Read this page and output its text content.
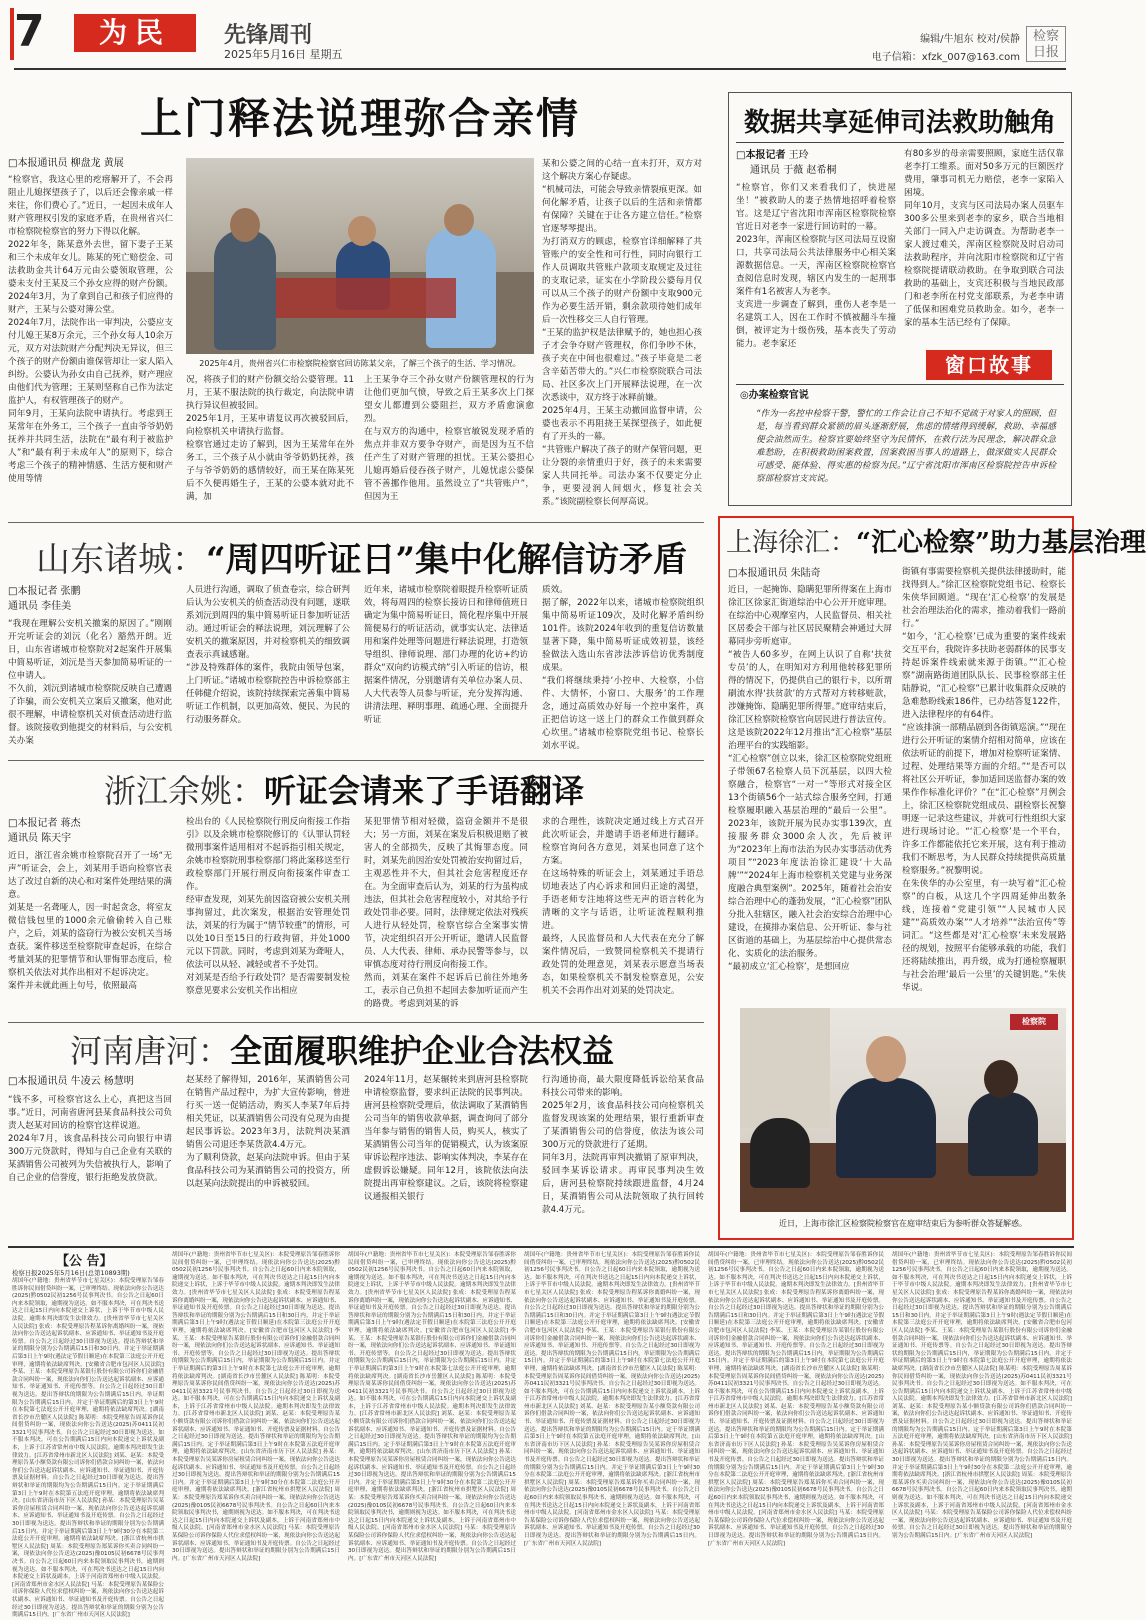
7	为民	先锋周刊
2025年5月16日 星期五
编辑/牛旭东 校对/侯静
电子信箱：xfzk_007@163.com
检察日报
上门释法说理弥合亲情
□本报通讯员 柳盘龙 黄展
“检察官，我这心里的疙瘩解开了，不会再阻止儿媳探望孩子了，以后还会像亲戚一样来往，你们费心了。”近日，一起因未成年人财产管理权引发的家庭矛盾，在贵州省兴仁市检察院检察官的努力下得以化解。
2022年冬，陈某意外去世，留下妻子王某和三个未成年女儿。陈某的死亡赔偿金、司法救助金共计64万元由公婆领取管理，公婆未支付王某及三个孙女应得的财产份额。2024年3月，为了拿到自己和孩子们应得的财产，王某与公婆对簿公堂。
2024年7月，法院作出一审判决，公婆应支付儿媳王某8万余元，三个孙女每人10余万元，双方对法院财产分配判决无异议，但三个孩子的财产份额由谁保管却让一家人陷入纠纷。公婆认为孙女由自己抚养，财产理应由他们代为管理；王某则坚称自己作为法定监护人，有权管理孩子的财产。
同年9月，王某向法院申请执行。考虑到王某常年在外务工，三个孩子一直由爷爷奶奶抚养并共同生活，法院在“最有利于被监护人”和“最有利于未成年人”的原则下，综合考虑三个孩子的精神情感、生活方便和财产使用等情
2025年4月，贵州省兴仁市检察院检察官回访陈某父亲，了解三个孩子的生活、学习情况。
况，将孩子们的财产份额交给公婆管理。11月，王某不服法院的执行裁定，向法院申请执行异议但被驳回。
2025年1月，王某申请复议再次被驳回后，向检察机关申请执行监督。
检察官通过走访了解到，因为王某常年在外务工，三个孩子从小就由爷爷奶奶抚养，孩子与爷爷奶奶的感情较好，而王某在陈某死后不久便再婚生子，王某的公婆本就对此不满，加
上王某争夺三个孙女财产份额管理权的行为让他们更加气愤，导致之后王某多次上门探望女儿都遭到公婆阻拦，双方矛盾愈演愈烈。
在与双方的沟通中，检察官敏锐发现矛盾的焦点并非双方要争夺财产，而是因为互不信任产生了对财产管理的担忧。王某公婆担心儿媳再婚后侵吞孩子财产，儿媳忧虑公婆保管不善挪作他用。虽然设立了“共管账户”，但因为王
某和公婆之间的心结一直未打开，双方对这个解决方案心存疑虑。
“机械司法，可能会导致亲情裂痕更深。如何化解矛盾，让孩子以后的生活和亲情都有保障？关键在于让各方建立信任。”检察官逐琴琴提出。
为打消双方的顾虑，检察官详细解释了共管账户的安全性和可行性，同时向银行工作人员调取共管账户款项支取规定及过往的支取记录，证实在小学阶段公婆每月仅可以从三个孩子的财产份额中支取900元作为必要生活开销，剩余款项待她们成年后一次性移交三人自行管理。
“王某的监护权是法律赋予的，她也担心孩子才会争夺财产管理权，你们争吵不休，孩子夹在中间也很难过。”孩子毕竟是二老含辛茹苦带大的。”兴仁市检察院联合司法局、社区多次上门开展释法说理，在一次次悉谈中，双方终于冰释前嫌。
2025年4月，王某主动撤回监督申请，公婆也表示不再阻挠王某探望孩子，如此便有了开头的一幕。
“共管账户解决了孩子的财产保管问题，更让分裂的亲情重归于好，孩子的未来需要家人共同托举。司法办案不仅要定分止争，更要浸润人间烟火，修复社会关系。”该院副检察长何厚高说。
数据共享延伸司法救助触角
□本报记者 王玲
通讯员 于薇 赵希桐
“检察官，你们又来看我们了，快进屋坐！”被救助人的妻子热情地招呼着检察官。这是辽宁省沈阳市浑南区检察院检察官近日对老李一家进行回访时的一幕。
2023年，浑南区检察院与区司法局互设窗口，共享司法局公共法律服务中心相关案源数据信息。一天，浑南区检察院检察官查阅信息时发现，辖区内发生的一起刑事案件有1名被害人为老李。
支宾进一步调查了解到，重伤人老李是一名建筑工人，因在工作时不慎被翻斗车撞倒，被评定为十级伤残，基本丧失了劳动能力。老李家还
有80多岁的母亲需要照顾，家庭生活仅靠老李打工维系。面对50多万元的巨额医疗费用，肇事司机无力赔偿，老李一家陷入困境。
同年10月，支宾与区司法局办案人员驱车300多公里来到老李的家乡，联合当地相关部门一同入户走访调查。为帮助老李一家人渡过难关，浑南区检察院及时启动司法救助程序，并向沈阳市检察院和辽宁省检察院提请联动救助。在争取到联合司法救助的基础上，支宾还积极与当地民政部门和老李所在村党支部联系，为老李申请了低保和困难党员救助金。如今，老李一家的基本生活已经有了保障。
窗口故事
◎办案检察官说
“作为一名控申检察干警，警忙的工作会让自己不知不觉疏于对家人的照顾，但是，每当看到群众紧锁的眉头逐渐舒展，焦虑的情绪得到缓解，救助、幸福感便会油然而生。检察官要始终坚守为民情怀，在救行法为民理念，解决群众急难愁盼，在积极救助困案救置，因案救困当事人的道路上，做深做实人民群众可感受、能体验、得实惠的检察为民。”辽宁省沈阳市浑南区检察院控告申诉检察部检察官支宾说。
山东诸城：“周四听证日”集中化解信访矛盾
□本报记者 张鹏
通讯员 李佳美
“我现在理解公安机关撤案的原因了。”刚刚开完听证会的刘沅（化名）豁然开朗。近日，山东省诸城市检察院对2起案件开展集中简易听证，刘沅是当天参加简易听证的一位申请人。
不久前，刘沅到诸城市检察院反映自己遭遇了诈骗，而公安机关立案后又撤案，他对此很不理解，申请检察机关对侦查活动进行监督。该院接收到他提交的材料后，与公安机关办案
人员进行沟通，调取了侦查卷宗，综合研判后认为公安机关的侦查活动没有问题，遂联系刘沅到周四的集中简易听证日参加听证活动。通过听证会的释法说理，刘沅理解了公安机关的撤案原因，并对检察机关的细致调查表示真诚感谢。
“涉及特殊群体的案件，我院由领导包案，上门听证。”诸城市检察院控告申诉检察部主任韩健介绍说，该院持续探索完善集中简易听证工作机制，以更加高效、便民、为民的行动服务群众。
近年来，诸城市检察院着眼提升检察听证质效，将每周四的检察长接访日和律师值班日确定为集中简易听证日，简化程序集中开展简便易行的听证活动，就事实认定、法律适用和案件处理等问题进行释法说理，打造领导组织、律师说理、部门办理的化访+约访群众“双向约访模式纳”引入听证的信访，根据案件情况，分别邀请有关单位办案人员、人大代表等人员参与听证，充分发挥沟通、讲清法理、释明事理、疏通心理、全面提升听证
质效。
据了解，2022年以来，诸城市检察院组织集中简易听证109次，及时化解矛盾纠纷101件。该院2024年收到的重复信访数量显著下降，集中简易听证成效初显，该经验做法入选山东省涉法涉诉信访优秀制度成果。
“我们将继续秉持‘小控申、大检察，小信件、大情怀，小窗口、大服务’的工作理念，通过高质效办好每一个控申案件，真正把信访这一送上门的群众工作做到群众心坎里。”诸城市检察院党组书记、检察长刘水平说。
浙江余姚：听证会请来了手语翻译
□本报记者 蒋杰
通讯员 陈天宇
近日，浙江省余姚市检察院召开了一场“无声”听证会，会上，刘某用手语向检察官表达了改过自新的决心和对案件处理结果的满意。
刘某是一名聋哑人，因一时起贪念，将室友微信钱包里的1000余元偷偷转入自己账户，之后，刘某的盗窃行为被公安机关当场查获。案件移送至检察院审查起诉，在综合考量刘某的犯罪情节和认罪悔罪态度后，检察机关依法对其作出相对不起诉决定。
案件并未就此画上句号，依照最高
检出台的《人民检察院行刑反向衔接工作指引》以及余姚市检察院修订的《认罪认罚轻微刑事案件适用相对不起诉指引相关规定，余姚市检察院刑事检察部门将此案移送至行政检察部门开展行刑反向衔接案件审查工作。
经审查发现，刘某先前因盗窃被公安机关刑事拘留过，此次案发，根据治安管理处罚法，刘某的行为属于“情节较重”的情形，可以处10日至15日的行政拘留，并处1000元以下罚款。同时，考虑到刘某为聋哑人，依法可以从轻、减轻或者不予处罚。
对刘某是否给予行政处罚？是否需要制发检察意见要求公安机关作出相应
某犯罪情节相对轻微，盗窃金额并不是很大；另一方面，刘某在案发后积极退赔了被害人的全部损失，反映了其悔罪态度。同时，刘某先前因治安处罚被治安拘留过后，主观恶性并不大，但其社会危害程度还存在。为全面审查后认为，刘某的行为虽构成违法，但其社会危害程度较小，对其给予行政处罚非必要。同时，法律规定依法对残疾人进行从轻处罚，检察官综合全案事实情节，决定组织召开公开听证，邀请人民监督员、人大代表、律师、承办民警等参与，以审慎态度对待行刑反向衔接工作。
然而，刘某在案件不起诉后已前往外地务工，表示自己负担不起回去参加听证而产生的路费。考虑到刘某的诉
求的合理性，该院决定通过线上方式召开此次听证会，并邀请手语老师进行翻译。检察官询问各方意见，刘某也同意了这个方案。
在这场特殊的听证会上，刘某通过手语总切地表达了内心诉求和回归正途的渴望，手语老师专注地将这些无声的语言转化为清晰的文字与话语，让听证流程顺利推进。
最终，人民监督员和人大代表在充分了解案件情况后，一致赞同检察机关不提请行政处罚的处理意见，刘某表示愿意当场表态，如果检察机关不制发检察意见，公安机关不会再作出对刘某的处罚决定。
河南唐河：全面履职维护企业合法权益
□本报通讯员 牛凌云 杨慧明
“钱不多，可检察官这么上心，真把这当回事。”近日，河南省唐河县某食品科技公司负责人赵某对回访的检察官这样说道。
2024年7月，该食品科技公司向银行申请300万元贷款时，得知与自己企业有关联的某酒销售公司被列为失信被执行人，影响了自己企业的信誉度，银行拒绝发放贷款。
赵某经了解得知，2016年，某酒销售公司在销售产品过程中，为扩大宣传影响，曾进行买一送一促销活动，购买人李某7年后持相关凭证，以某酒销售公司没有兑现为由提起民事诉讼。2023年3月，法院判决某酒销售公司退还李某货款4.4万元。
为了顺利贷款，赵某向法院申诉。但由于某食品科技公司为某酒销售公司的投资方，所以赵某向法院提出的申诉被驳回。
2024年11月，赵某辗转来到唐河县检察院申请检察监督，要求纠正法院的民事判决。唐河县检察院受理后，依法调取了某酒销售公司当年的销售收款单据，调查询问了部分当年参与销售的销售人员，购买人，核实了某酒销售公司当年的促销模式，认为该案原审诉讼程序违法、影响实体判决，李某存在虚假诉讼嫌疑。同年12月，该院依法向法院提出再审检察建议。之后，该院将检察建议通报相关银行
行沟通协商，最大限度降低诉讼给某食品科技公司带来的影响。
2025年2月，该食品科技公司向检察机关监督发现该案的处理结果，银行重新审查了某酒销售公司的信誉度，依法为该公司300万元的贷款进行了延期。
同年3月，法院再审判决撤销了原审判决，驳回李某诉讼请求。再审民事判决生效后，唐河县检察院持续跟进监督，4月24日，某酒销售公司从法院领取了执行回转款4.4万元。
上海徐汇：“汇心检察”助力基层治理
□本报通讯员 朱陆奇
近日，一起掩饰、隐瞒犯罪所得案在上海市徐汇区徐家汇街道综治中心公开开庭审理。在综治中心观摩室内，人民监督员、相关社区居委会干部与社区居民聚精会神通过大屏幕同步旁听庭审。
“被告人60多岁，在网上认识了自称‘扶贫专员’的人，在明知对方利用他转移犯罪所得的情况下，仍提供自己的银行卡，以所谓刷流水得‘扶贫款’的方式帮对方转移赃款，涉嫌掩饰、隐瞒犯罪所得罪。”庭审结束后，徐汇区检察院检察官向居民进行普法宣传。
这是该院2022年12月推出“汇心检察”基层治理平台的实践缩影。
“汇心检察”创立以来，徐汇区检察院党组班子带领67名检察人员下沉基层，以四大检察融合，检察官“一对一”等形式对接全区13个街镇56个一站式综合服务空间，打通检察履职融入基层治理的“最后一公里”。2023年，该院开展为民办实事139次，直接服务群众3000余人次，先后被评为“2023年上海市法治为民办实事活动优秀项目”“2023年度法治徐汇建设‘十大品牌’”“2024年上海市检察机关党建与业务深度融合典型案例”。2025年，随着社会治安综合治理中心的蓬勃发展，“汇心检察”团队分批入驻辖区，融入社会治安综合治理中心建设，在摸排办案信息、公开听证、参与社区街道的基础上，为基层综治中心提供常态化、实质化的法治服务。
“最初成立‘汇心检察’，是想回应
街镇有事需要检察机关提供法律援助时，能找得到人。”徐汇区检察院党组书记、检察长朱侠华回顾道。“现在‘汇心检察’的发展是社会治理法治化的需求，推动着我们一路前行。”
“如今，‘汇心检察’已成为重要的案件线索交互平台，我院许多扶助老弱群体的民事支持起诉案件线索就来源于街镇。”“汇心检察”湖南路街道团队队长、民事检察部主任陆静说，“汇心检察”已累计收集群众反映的急难愁盼线索186件，已办结答复122件，进入法律程序的有64件。
“应该排演一部精品剧到各街镇巡演。”“现在进行公开听证的案情介绍相对简单，应该在依法听证的前提下，增加对检察听证案情、过程、处理结果等方面的介绍。”“是否可以将社区公开听证，参加适回送监督办案的效果作作标准化评价？”在“汇心检察”月例会上，徐汇区检察院党组成员、副检察长祝黎明逐一记录这些建议，并就可行性组织大家进行现场讨论。“‘汇心检察’是一个平台，许多工作都能依托它来开展，这有利于推动我们不断思考，为人民群众持续提供高质量检察服务。”祝黎明说。
在朱侠华的办公室里，有一块写着“汇心检察”的白板，从这几个字四周延伸出数条线，连接着“党建引领”“人民城市人民建”“高质效办案”“人才培养”“法治宣传”等词汇。“这些都是对‘汇心检察’未来发展路径的规划，按照平台能够承载的功能，我们还将陆续推出，再升级，成为打通检察履职与社会治理‘最后一公里’的关键钥匙。”朱侠华说。
检察院
近日，上海市徐汇区检察院检察官在庭审结束后为参听群众答疑解惑。
【公 告】
检察日报2025年5月16日(总第10893期)
胡国年(户籍地：贵州省毕节市七星关区)：本院受理原告邹春胜诉你民间借贷纠纷一案，已审理终结。现依法向你公告送达(2025)黔0502民初1256号民事判决书。自公告之日起60日内来本院领取，逾期视为送达。如不服本判决，可在判决书送达之日起15日内向本院递交上诉状，上诉于毕节市中级人民法院。逾期本判决即发生法律效力。[贵州省毕节市七星关区人民法院] 张成：本院受理原告程某诉你离婚纠纷一案，现依法向你公告送达起诉状副本、应诉通知书、举证通知书及开庭传票。自公告之日起经过30日即视为送达。提出答辩状和举证的期限分别为公告期满后15日和30日内。并定于举证期满后第3日上午9时(遇法定节假日顺延)在本院第三法庭公开开庭审理，逾期将依法缺席判决。[安徽省合肥市包河区人民法院] 李某、王某：本院受理原告某银行股份有限公司诉你们金融借款合同纠纷一案，现依法向你们公告送达起诉状副本、应诉通知书、举证通知书、开庭传票等。自公告之日起经过30日即视为送达。提出答辩状的期限为公告期满后15日内，举证期限为公告期满后15日内。并定于举证期满后的第3日上午9时在本院第七法庭公开开庭审理，逾期将依法缺席判决。[湖南省长沙市岳麓区人民法院] 陈某明：本院受理原告周某诉你民间借贷纠纷一案，现依法向你公告送达(2025)苏0411民初3321号民事判决书。自公告之日起经过30日即视为送达。如不服本判决，可在公告期满后15日内向本院递交上诉状及副本，上诉于江苏省常州市中级人民法院。逾期本判决即发生法律效力。[江苏省常州市新北区人民法院] 刘某、赵某：本院受理原告某小额贷款有限公司诉你们借款合同纠纷一案，依法向你们公告送达起诉状副本、应诉通知书、举证通知书、开庭传票及证据材料。自公告之日起经过30日即视为送达。提出答辩状和举证的期限均为公告期满后15日内。定于举证期满后第3日上午9时在本院第五法庭开庭审理，逾期将依法缺席判决。[山东省济南市历下区人民法院] 孙某：本院受理原告吴某诉你房屋租赁合同纠纷一案，现依法向你公告送达起诉状副本、应诉通知书、举证通知书及开庭传票。自公告之日起经过30日即视为送达。提出答辩状和举证的期限分别为公告期满后15日内。并定于举证期满后第3日上午9时30分在本院第二法庭公开开庭审理，逾期将依法缺席判决。[浙江省杭州市拱墅区人民法院] 周某：本院受理原告郑某诉你买卖合同纠纷一案，现依法向你公告送达(2025)豫0105民初6678号民事判决书。自公告之日起60日内来本院领取民事判决书，逾期则视为送达。如不服本判决，可在判决书送达之日起15日内向本院递交上诉状及副本，上诉于河南省郑州市中级人民法院。[河南省郑州市金水区人民法院] 马某：本院受理原告某保险公司诉你保险人代位求偿权纠纷一案，现依法向你公告送达起诉状副本、应诉通知书、举证通知书及开庭传票。自公告之日起经过30日即视为送达。提出答辩状和举证的期限分别为公告期满后15日内。[广东省广州市天河区人民法院]
胡国年(户籍地：贵州省毕节市七星关区)：本院受理原告邹春胜诉你民间借贷纠纷一案，已审理终结。现依法向你公告送达(2025)黔0502民初1256号民事判决书。自公告之日起60日内来本院领取，逾期视为送达。如不服本判决，可在判决书送达之日起15日内向本院递交上诉状，上诉于毕节市中级人民法院。逾期本判决即发生法律效力。[贵州省毕节市七星关区人民法院] 张成：本院受理原告程某诉你离婚纠纷一案，现依法向你公告送达起诉状副本、应诉通知书、举证通知书及开庭传票。自公告之日起经过30日即视为送达。提出答辩状和举证的期限分别为公告期满后15日和30日内。并定于举证期满后第3日上午9时(遇法定节假日顺延)在本院第三法庭公开开庭审理，逾期将依法缺席判决。[安徽省合肥市包河区人民法院] 李某、王某：本院受理原告某银行股份有限公司诉你们金融借款合同纠纷一案，现依法向你们公告送达起诉状副本、应诉通知书、举证通知书、开庭传票等。自公告之日起经过30日即视为送达。提出答辩状的期限为公告期满后15日内，举证期限为公告期满后15日内。并定于举证期满后的第3日上午9时在本院第七法庭公开开庭审理，逾期将依法缺席判决。[湖南省长沙市岳麓区人民法院] 陈某明：本院受理原告周某诉你民间借贷纠纷一案，现依法向你公告送达(2025)苏0411民初3321号民事判决书。自公告之日起经过30日即视为送达。如不服本判决，可在公告期满后15日内向本院递交上诉状及副本，上诉于江苏省常州市中级人民法院。逾期本判决即发生法律效力。[江苏省常州市新北区人民法院] 刘某、赵某：本院受理原告某小额贷款有限公司诉你们借款合同纠纷一案，依法向你们公告送达起诉状副本、应诉通知书、举证通知书、开庭传票及证据材料。自公告之日起经过30日即视为送达。提出答辩状和举证的期限均为公告期满后15日内。定于举证期满后第3日上午9时在本院第五法庭开庭审理，逾期将依法缺席判决。[山东省济南市历下区人民法院] 孙某：本院受理原告吴某诉你房屋租赁合同纠纷一案，现依法向你公告送达起诉状副本、应诉通知书、举证通知书及开庭传票。自公告之日起经过30日即视为送达。提出答辩状和举证的期限分别为公告期满后15日内。并定于举证期满后第3日上午9时30分在本院第二法庭公开开庭审理，逾期将依法缺席判决。[浙江省杭州市拱墅区人民法院] 周某：本院受理原告郑某诉你买卖合同纠纷一案，现依法向你公告送达(2025)豫0105民初6678号民事判决书。自公告之日起60日内来本院领取民事判决书，逾期则视为送达。如不服本判决，可在判决书送达之日起15日内向本院递交上诉状及副本，上诉于河南省郑州市中级人民法院。[河南省郑州市金水区人民法院] 马某：本院受理原告某保险公司诉你保险人代位求偿权纠纷一案，现依法向你公告送达起诉状副本、应诉通知书、举证通知书及开庭传票。自公告之日起经过30日即视为送达。提出答辩状和举证的期限分别为公告期满后15日内。[广东省广州市天河区人民法院]
胡国年(户籍地：贵州省毕节市七星关区)：本院受理原告邹春胜诉你民间借贷纠纷一案，已审理终结。现依法向你公告送达(2025)黔0502民初1256号民事判决书。自公告之日起60日内来本院领取，逾期视为送达。如不服本判决，可在判决书送达之日起15日内向本院递交上诉状，上诉于毕节市中级人民法院。逾期本判决即发生法律效力。[贵州省毕节市七星关区人民法院] 张成：本院受理原告程某诉你离婚纠纷一案，现依法向你公告送达起诉状副本、应诉通知书、举证通知书及开庭传票。自公告之日起经过30日即视为送达。提出答辩状和举证的期限分别为公告期满后15日和30日内。并定于举证期满后第3日上午9时(遇法定节假日顺延)在本院第三法庭公开开庭审理，逾期将依法缺席判决。[安徽省合肥市包河区人民法院] 李某、王某：本院受理原告某银行股份有限公司诉你们金融借款合同纠纷一案，现依法向你们公告送达起诉状副本、应诉通知书、举证通知书、开庭传票等。自公告之日起经过30日即视为送达。提出答辩状的期限为公告期满后15日内，举证期限为公告期满后15日内。并定于举证期满后的第3日上午9时在本院第七法庭公开开庭审理，逾期将依法缺席判决。[湖南省长沙市岳麓区人民法院] 陈某明：本院受理原告周某诉你民间借贷纠纷一案，现依法向你公告送达(2025)苏0411民初3321号民事判决书。自公告之日起经过30日即视为送达。如不服本判决，可在公告期满后15日内向本院递交上诉状及副本，上诉于江苏省常州市中级人民法院。逾期本判决即发生法律效力。[江苏省常州市新北区人民法院] 刘某、赵某：本院受理原告某小额贷款有限公司诉你们借款合同纠纷一案，依法向你们公告送达起诉状副本、应诉通知书、举证通知书、开庭传票及证据材料。自公告之日起经过30日即视为送达。提出答辩状和举证的期限均为公告期满后15日内。定于举证期满后第3日上午9时在本院第五法庭开庭审理，逾期将依法缺席判决。[山东省济南市历下区人民法院] 孙某：本院受理原告吴某诉你房屋租赁合同纠纷一案，现依法向你公告送达起诉状副本、应诉通知书、举证通知书及开庭传票。自公告之日起经过30日即视为送达。提出答辩状和举证的期限分别为公告期满后15日内。并定于举证期满后第3日上午9时30分在本院第二法庭公开开庭审理，逾期将依法缺席判决。[浙江省杭州市拱墅区人民法院] 周某：本院受理原告郑某诉你买卖合同纠纷一案，现依法向你公告送达(2025)豫0105民初6678号民事判决书。自公告之日起60日内来本院领取民事判决书，逾期则视为送达。如不服本判决，可在判决书送达之日起15日内向本院递交上诉状及副本，上诉于河南省郑州市中级人民法院。[河南省郑州市金水区人民法院] 马某：本院受理原告某保险公司诉你保险人代位求偿权纠纷一案，现依法向你公告送达起诉状副本、应诉通知书、举证通知书及开庭传票。自公告之日起经过30日即视为送达。提出答辩状和举证的期限分别为公告期满后15日内。[广东省广州市天河区人民法院]
胡国年(户籍地：贵州省毕节市七星关区)：本院受理原告邹春胜诉你民间借贷纠纷一案，已审理终结。现依法向你公告送达(2025)黔0502民初1256号民事判决书。自公告之日起60日内来本院领取，逾期视为送达。如不服本判决，可在判决书送达之日起15日内向本院递交上诉状，上诉于毕节市中级人民法院。逾期本判决即发生法律效力。[贵州省毕节市七星关区人民法院] 张成：本院受理原告程某诉你离婚纠纷一案，现依法向你公告送达起诉状副本、应诉通知书、举证通知书及开庭传票。自公告之日起经过30日即视为送达。提出答辩状和举证的期限分别为公告期满后15日和30日内。并定于举证期满后第3日上午9时(遇法定节假日顺延)在本院第三法庭公开开庭审理，逾期将依法缺席判决。[安徽省合肥市包河区人民法院] 李某、王某：本院受理原告某银行股份有限公司诉你们金融借款合同纠纷一案，现依法向你们公告送达起诉状副本、应诉通知书、举证通知书、开庭传票等。自公告之日起经过30日即视为送达。提出答辩状的期限为公告期满后15日内，举证期限为公告期满后15日内。并定于举证期满后的第3日上午9时在本院第七法庭公开开庭审理，逾期将依法缺席判决。[湖南省长沙市岳麓区人民法院] 陈某明：本院受理原告周某诉你民间借贷纠纷一案，现依法向你公告送达(2025)苏0411民初3321号民事判决书。自公告之日起经过30日即视为送达。如不服本判决，可在公告期满后15日内向本院递交上诉状及副本，上诉于江苏省常州市中级人民法院。逾期本判决即发生法律效力。[江苏省常州市新北区人民法院] 刘某、赵某：本院受理原告某小额贷款有限公司诉你们借款合同纠纷一案，依法向你们公告送达起诉状副本、应诉通知书、举证通知书、开庭传票及证据材料。自公告之日起经过30日即视为送达。提出答辩状和举证的期限均为公告期满后15日内。定于举证期满后第3日上午9时在本院第五法庭开庭审理，逾期将依法缺席判决。[山东省济南市历下区人民法院] 孙某：本院受理原告吴某诉你房屋租赁合同纠纷一案，现依法向你公告送达起诉状副本、应诉通知书、举证通知书及开庭传票。自公告之日起经过30日即视为送达。提出答辩状和举证的期限分别为公告期满后15日内。并定于举证期满后第3日上午9时30分在本院第二法庭公开开庭审理，逾期将依法缺席判决。[浙江省杭州市拱墅区人民法院] 周某：本院受理原告郑某诉你买卖合同纠纷一案，现依法向你公告送达(2025)豫0105民初6678号民事判决书。自公告之日起60日内来本院领取民事判决书，逾期则视为送达。如不服本判决，可在判决书送达之日起15日内向本院递交上诉状及副本，上诉于河南省郑州市中级人民法院。[河南省郑州市金水区人民法院] 马某：本院受理原告某保险公司诉你保险人代位求偿权纠纷一案，现依法向你公告送达起诉状副本、应诉通知书、举证通知书及开庭传票。自公告之日起经过30日即视为送达。提出答辩状和举证的期限分别为公告期满后15日内。[广东省广州市天河区人民法院]
胡国年(户籍地：贵州省毕节市七星关区)：本院受理原告邹春胜诉你民间借贷纠纷一案，已审理终结。现依法向你公告送达(2025)黔0502民初1256号民事判决书。自公告之日起60日内来本院领取，逾期视为送达。如不服本判决，可在判决书送达之日起15日内向本院递交上诉状，上诉于毕节市中级人民法院。逾期本判决即发生法律效力。[贵州省毕节市七星关区人民法院] 张成：本院受理原告程某诉你离婚纠纷一案，现依法向你公告送达起诉状副本、应诉通知书、举证通知书及开庭传票。自公告之日起经过30日即视为送达。提出答辩状和举证的期限分别为公告期满后15日和30日内。并定于举证期满后第3日上午9时(遇法定节假日顺延)在本院第三法庭公开开庭审理，逾期将依法缺席判决。[安徽省合肥市包河区人民法院] 李某、王某：本院受理原告某银行股份有限公司诉你们金融借款合同纠纷一案，现依法向你们公告送达起诉状副本、应诉通知书、举证通知书、开庭传票等。自公告之日起经过30日即视为送达。提出答辩状的期限为公告期满后15日内，举证期限为公告期满后15日内。并定于举证期满后的第3日上午9时在本院第七法庭公开开庭审理，逾期将依法缺席判决。[湖南省长沙市岳麓区人民法院] 陈某明：本院受理原告周某诉你民间借贷纠纷一案，现依法向你公告送达(2025)苏0411民初3321号民事判决书。自公告之日起经过30日即视为送达。如不服本判决，可在公告期满后15日内向本院递交上诉状及副本，上诉于江苏省常州市中级人民法院。逾期本判决即发生法律效力。[江苏省常州市新北区人民法院] 刘某、赵某：本院受理原告某小额贷款有限公司诉你们借款合同纠纷一案，依法向你们公告送达起诉状副本、应诉通知书、举证通知书、开庭传票及证据材料。自公告之日起经过30日即视为送达。提出答辩状和举证的期限均为公告期满后15日内。定于举证期满后第3日上午9时在本院第五法庭开庭审理，逾期将依法缺席判决。[山东省济南市历下区人民法院] 孙某：本院受理原告吴某诉你房屋租赁合同纠纷一案，现依法向你公告送达起诉状副本、应诉通知书、举证通知书及开庭传票。自公告之日起经过30日即视为送达。提出答辩状和举证的期限分别为公告期满后15日内。并定于举证期满后第3日上午9时30分在本院第二法庭公开开庭审理，逾期将依法缺席判决。[浙江省杭州市拱墅区人民法院] 周某：本院受理原告郑某诉你买卖合同纠纷一案，现依法向你公告送达(2025)豫0105民初6678号民事判决书。自公告之日起60日内来本院领取民事判决书，逾期则视为送达。如不服本判决，可在判决书送达之日起15日内向本院递交上诉状及副本，上诉于河南省郑州市中级人民法院。[河南省郑州市金水区人民法院] 马某：本院受理原告某保险公司诉你保险人代位求偿权纠纷一案，现依法向你公告送达起诉状副本、应诉通知书、举证通知书及开庭传票。自公告之日起经过30日即视为送达。提出答辩状和举证的期限分别为公告期满后15日内。[广东省广州市天河区人民法院]
胡国年(户籍地：贵州省毕节市七星关区)：本院受理原告邹春胜诉你民间借贷纠纷一案，已审理终结。现依法向你公告送达(2025)黔0502民初1256号民事判决书。自公告之日起60日内来本院领取，逾期视为送达。如不服本判决，可在判决书送达之日起15日内向本院递交上诉状，上诉于毕节市中级人民法院。逾期本判决即发生法律效力。[贵州省毕节市七星关区人民法院] 张成：本院受理原告程某诉你离婚纠纷一案，现依法向你公告送达起诉状副本、应诉通知书、举证通知书及开庭传票。自公告之日起经过30日即视为送达。提出答辩状和举证的期限分别为公告期满后15日和30日内。并定于举证期满后第3日上午9时(遇法定节假日顺延)在本院第三法庭公开开庭审理，逾期将依法缺席判决。[安徽省合肥市包河区人民法院] 李某、王某：本院受理原告某银行股份有限公司诉你们金融借款合同纠纷一案，现依法向你们公告送达起诉状副本、应诉通知书、举证通知书、开庭传票等。自公告之日起经过30日即视为送达。提出答辩状的期限为公告期满后15日内，举证期限为公告期满后15日内。并定于举证期满后的第3日上午9时在本院第七法庭公开开庭审理，逾期将依法缺席判决。[湖南省长沙市岳麓区人民法院] 陈某明：本院受理原告周某诉你民间借贷纠纷一案，现依法向你公告送达(2025)苏0411民初3321号民事判决书。自公告之日起经过30日即视为送达。如不服本判决，可在公告期满后15日内向本院递交上诉状及副本，上诉于江苏省常州市中级人民法院。逾期本判决即发生法律效力。[江苏省常州市新北区人民法院] 刘某、赵某：本院受理原告某小额贷款有限公司诉你们借款合同纠纷一案，依法向你们公告送达起诉状副本、应诉通知书、举证通知书、开庭传票及证据材料。自公告之日起经过30日即视为送达。提出答辩状和举证的期限均为公告期满后15日内。定于举证期满后第3日上午9时在本院第五法庭开庭审理，逾期将依法缺席判决。[山东省济南市历下区人民法院] 孙某：本院受理原告吴某诉你房屋租赁合同纠纷一案，现依法向你公告送达起诉状副本、应诉通知书、举证通知书及开庭传票。自公告之日起经过30日即视为送达。提出答辩状和举证的期限分别为公告期满后15日内。并定于举证期满后第3日上午9时30分在本院第二法庭公开开庭审理，逾期将依法缺席判决。[浙江省杭州市拱墅区人民法院] 周某：本院受理原告郑某诉你买卖合同纠纷一案，现依法向你公告送达(2025)豫0105民初6678号民事判决书。自公告之日起60日内来本院领取民事判决书，逾期则视为送达。如不服本判决，可在判决书送达之日起15日内向本院递交上诉状及副本，上诉于河南省郑州市中级人民法院。[河南省郑州市金水区人民法院] 马某：本院受理原告某保险公司诉你保险人代位求偿权纠纷一案，现依法向你公告送达起诉状副本、应诉通知书、举证通知书及开庭传票。自公告之日起经过30日即视为送达。提出答辩状和举证的期限分别为公告期满后15日内。[广东省广州市天河区人民法院]
